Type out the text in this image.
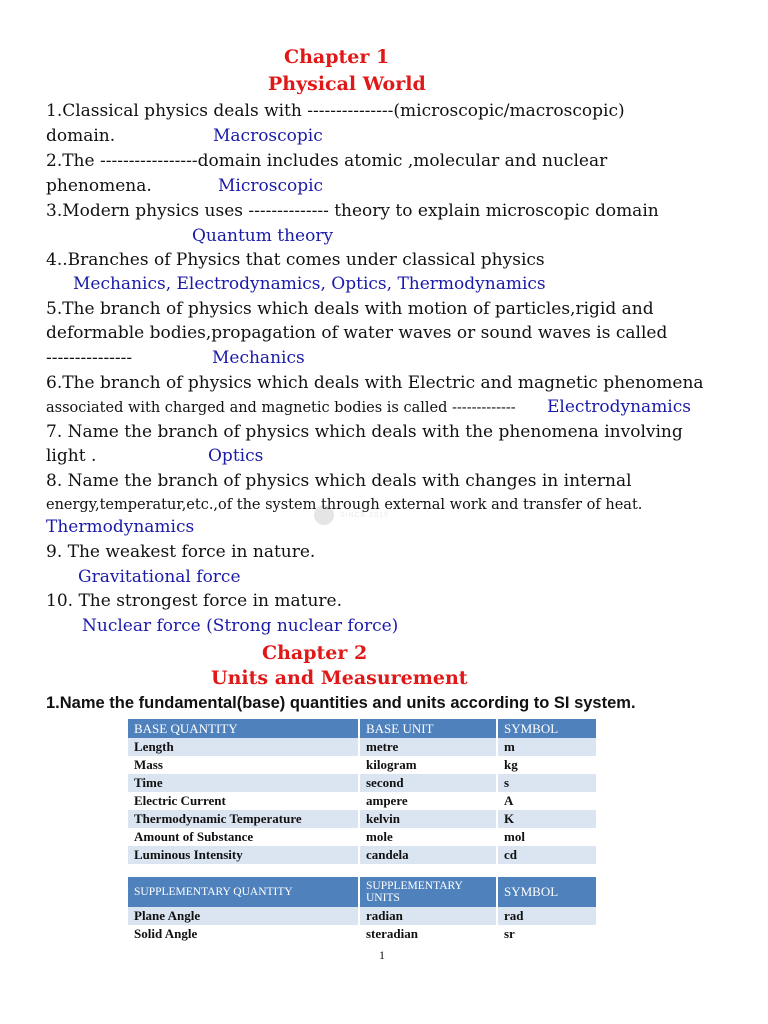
Chapter 1
Physical World
1.Classical physics deals with ---------------(microscopic/macroscopic)
domain.	Macroscopic
2.The -----------------domain includes atomic ,molecular and nuclear
phenomena.	Microscopic
3.Modern physics uses -------------- theory to explain microscopic domain
Quantum theory
4..Branches of Physics that comes under classical physics
Mechanics, Electrodynamics, Optics, Thermodynamics
5.The branch of physics which deals with motion of particles,rigid and
deformable bodies,propagation of water waves or sound waves is called
---------------	Mechanics
6.The branch of physics which deals with Electric and magnetic phenomena
associated with charged and magnetic bodies is called ------------- Electrodynamics
7. Name the branch of physics which deals with the phenomena involving
light .	Optics
8. Name the branch of physics which deals with changes in internal
energy,temperatur,etc.,of the system through external work and transfer of heat.
Thermodynamics
SINCE 2015
9. The weakest force in nature.
Gravitational force
10. The strongest force in mature.
Nuclear force (Strong nuclear force)
Chapter 2
Units and Measurement
1.Name the fundamental(base) quantities and units according to SI system.
BASE QUANTITY	BASE UNIT	SYMBOL
Length	metre	m
Mass	kilogram	kg
Time	second	s
Electric Current	ampere	A
Thermodynamic Temperature	kelvin	K
Amount of Substance	mole	mol
Luminous Intensity	candela	cd
SUPPLEMENTARY QUANTITY	SUPPLEMENTARY UNITS	SYMBOL
Plane Angle	radian	rad
Solid Angle	steradian	sr
1
